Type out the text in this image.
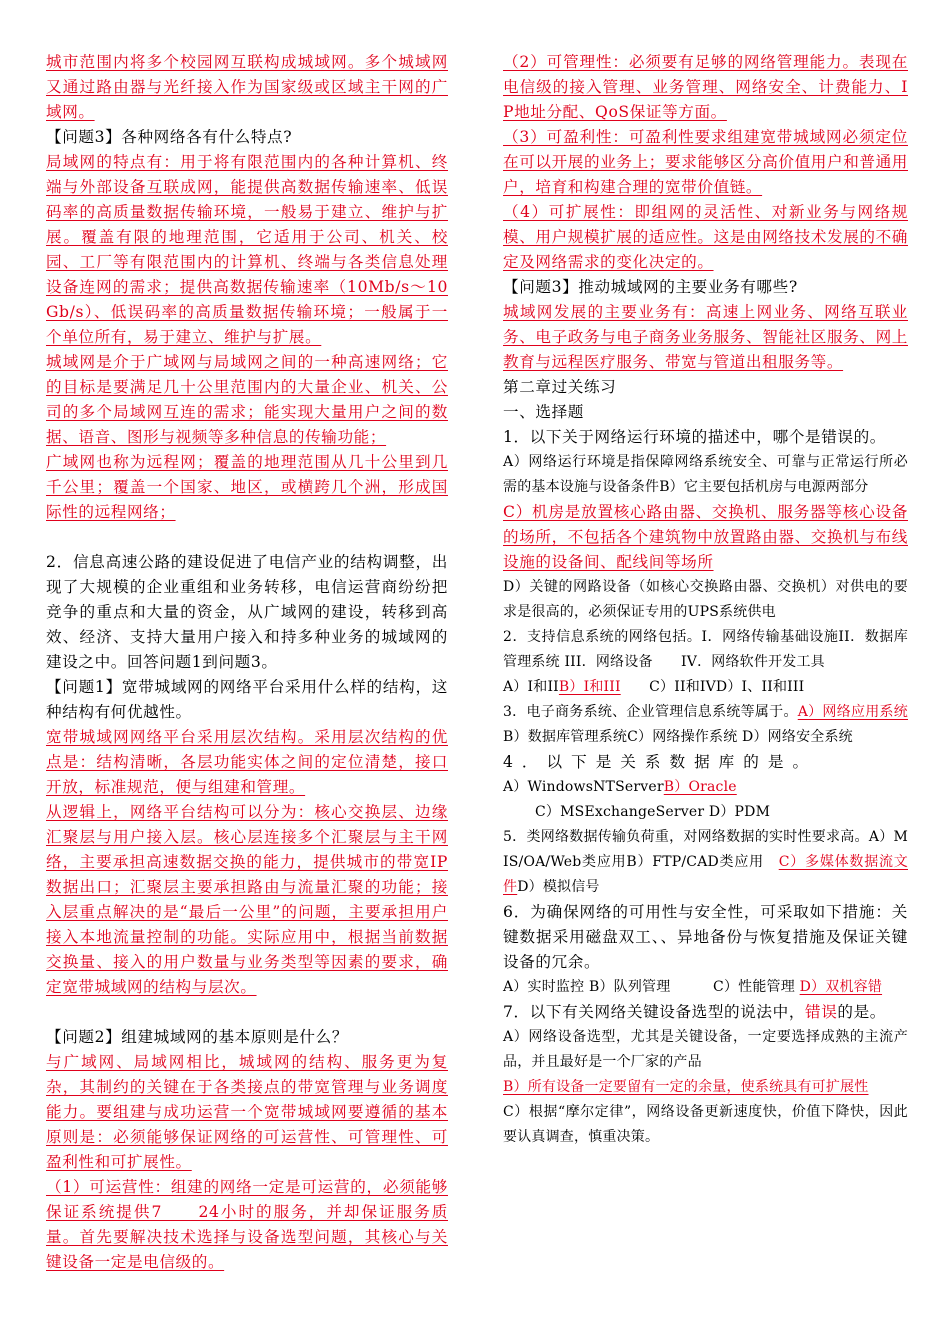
城市范围内将多个校园网互联构成城域网。多个城域网又通过路由器与光纤接入作为国家级或区域主干网的广域网。

【问题3】各种网络各有什么特点?

局域网的特点有：用于将有限范围内的各种计算机、终端与外部设备互联成网，能提供高数据传输速率、低误码率的高质量数据传输环境，一般易于建立、维护与扩展。覆盖有限的地理范围，它适用于公司、机关、校园、工厂等有限范围内的计算机、终端与各类信息处理设备连网的需求；提供高数据传输速率（10Mb/s～10Gb/s）、低误码率的高质量数据传输环境；一般属于一个单位所有，易于建立、维护与扩展。

城域网是介于广域网与局域网之间的一种高速网络；它的目标是要满足几十公里范围内的大量企业、机关、公司的多个局域网互连的需求；能实现大量用户之间的数据、语音、图形与视频等多种信息的传输功能；

广域网也称为远程网；覆盖的地理范围从几十公里到几千公里；覆盖一个国家、地区，或横跨几个洲，形成国际性的远程网络；

2．信息高速公路的建设促进了电信产业的结构调整，出现了大规模的企业重组和业务转移，电信运营商纷纷把竞争的重点和大量的资金，从广域网的建设，转移到高效、经济、支持大量用户接入和持多种业务的城域网的建设之中。回答问题1到问题3。

【问题1】宽带城域网的网络平台采用什么样的结构，这种结构有何优越性。

宽带城域网网络平台采用层次结构。采用层次结构的优点是：结构清晰，各层功能实体之间的定位清楚，接口开放，标准规范，便与组建和管理。

从逻辑上，网络平台结构可以分为：核心交换层、边缘汇聚层与用户接入层。核心层连接多个汇聚层与主干网络，主要承担高速数据交换的能力，提供城市的带宽IP数据出口；汇聚层主要承担路由与流量汇聚的功能；接入层重点解决的是“最后一公里”的问题，主要承担用户接入本地流量控制的功能。实际应用中，根据当前数据交换量、接入的用户数量与业务类型等因素的要求，确定宽带城域网的结构与层次。

【问题2】组建城域网的基本原则是什么？

与广域网、局域网相比，城域网的结构、服务更为复杂，其制约的关键在于各类接点的带宽管理与业务调度能力。要组建与成功运营一个宽带城域网要遵循的基本原则是：必须能够保证网络的可运营性、可管理性、可盈利性和可扩展性。

（1）可运营性：组建的网络一定是可运营的，必须能够保证系统提供7　　24小时的服务，并却保证服务质量。首先要解决技术选择与设备选型问题，其核心与关键设备一定是电信级的。

（2）可管理性：必须要有足够的网络管理能力。表现在电信级的接入管理、业务管理、网络安全、计费能力、IP地址分配、QoS保证等方面。

（3）可盈利性：可盈利性要求组建宽带城域网必须定位在可以开展的业务上；要求能够区分高价值用户和普通用户，培育和构建合理的宽带价值链。

（4）可扩展性：即组网的灵活性、对新业务与网络规模、用户规模扩展的适应性。这是由网络技术发展的不确定及网络需求的变化决定的。

【问题3】推动城域网的主要业务有哪些?

城域网发展的主要业务有：高速上网业务、网络互联业务、电子政务与电子商务业务服务、智能社区服务、网上教育与远程医疗服务、带宽与管道出租服务等。

第二章过关练习

一、选择题

1．以下关于网络运行环境的描述中，哪个是错误的。

A）网络运行环境是指保障网络系统安全、可靠与正常运行所必需的基本设施与设备条件B）它主要包括机房与电源两部分

C）机房是放置核心路由器、交换机、服务器等核心设备的场所，不包括各个建筑物中放置路由器、交换机与布线设施的设备间、配线间等场所

D）关键的网路设备（如核心交换路由器、交换机）对供电的要求是很高的，必须保证专用的UPS系统供电

2．支持信息系统的网络包括。Ⅰ．网络传输基础设施II．数据库管理系统 III．网络设备　　IV．网络软件开发工具

A）Ⅰ和IIB）Ⅰ和III　　C）II和IVD）Ⅰ、II和III

3．电子商务系统、企业管理信息系统等属于。A）网络应用系统B）数据库管理系统C）网络操作系统 D）网络安全系统

4．以下是关系数据库的是。

A）WindowsNTServerB）Oracle

C）MSExchangeServer D）PDM

5．类网络数据传输负荷重，对网络数据的实时性要求高。A）MIS/OA/Web类应用B）FTP/CAD类应用　C）多媒体数据流文件D）模拟信号

6．为确保网络的可用性与安全性，可采取如下措施：关键数据采用磁盘双工、、异地备份与恢复措施及保证关键设备的冗余。

A）实时监控 B）队列管理　　　C）性能管理 D）双机容错

7．以下有关网络关键设备选型的说法中，错误的是。

A）网络设备选型，尤其是关键设备，一定要选择成熟的主流产品，并且最好是一个厂家的产品

B）所有设备一定要留有一定的余量，使系统具有可扩展性

C）根据“摩尔定律”，网络设备更新速度快，价值下降快，因此要认真调查，慎重决策。
